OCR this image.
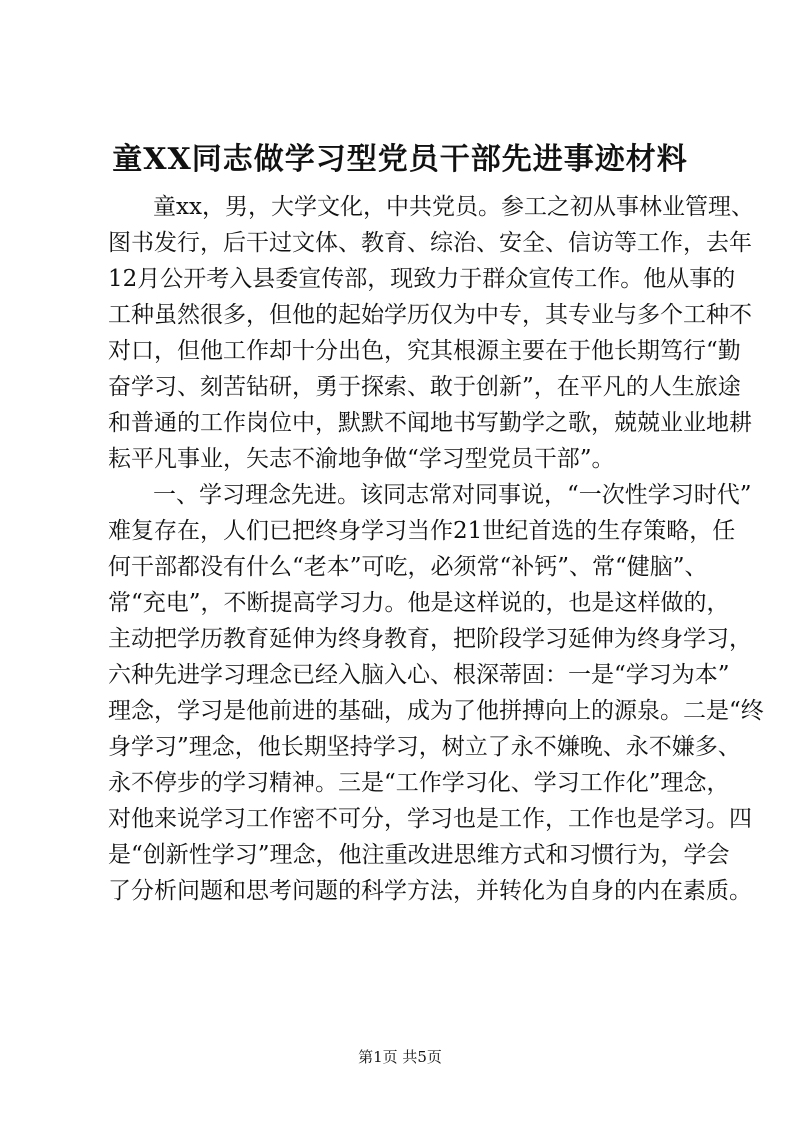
童XX同志做学习型党员干部先进事迹材料
童xx，男，大学文化，中共党员。参工之初从事林业管理、
图书发行，后干过文体、教育、综治、安全、信访等工作，去年
12月公开考入县委宣传部，现致力于群众宣传工作。他从事的
工种虽然很多，但他的起始学历仅为中专，其专业与多个工种不
对口，但他工作却十分出色，究其根源主要在于他长期笃行“勤
奋学习、刻苦钻研，勇于探索、敢于创新”，在平凡的人生旅途
和普通的工作岗位中，默默不闻地书写勤学之歌，兢兢业业地耕
耘平凡事业，矢志不渝地争做“学习型党员干部”。
一、学习理念先进。该同志常对同事说，“一次性学习时代”
难复存在，人们已把终身学习当作21世纪首选的生存策略，任
何干部都没有什么“老本”可吃，必须常“补钙”、常“健脑”、
常“充电”，不断提高学习力。他是这样说的，也是这样做的，
主动把学历教育延伸为终身教育，把阶段学习延伸为终身学习，
六种先进学习理念已经入脑入心、根深蒂固：一是“学习为本”
理念，学习是他前进的基础，成为了他拼搏向上的源泉。二是“终
身学习”理念，他长期坚持学习，树立了永不嫌晚、永不嫌多、
永不停步的学习精神。三是“工作学习化、学习工作化”理念，
对他来说学习工作密不可分，学习也是工作，工作也是学习。四
是“创新性学习”理念，他注重改进思维方式和习惯行为，学会
了分析问题和思考问题的科学方法，并转化为自身的内在素质。
第1页 共5页
